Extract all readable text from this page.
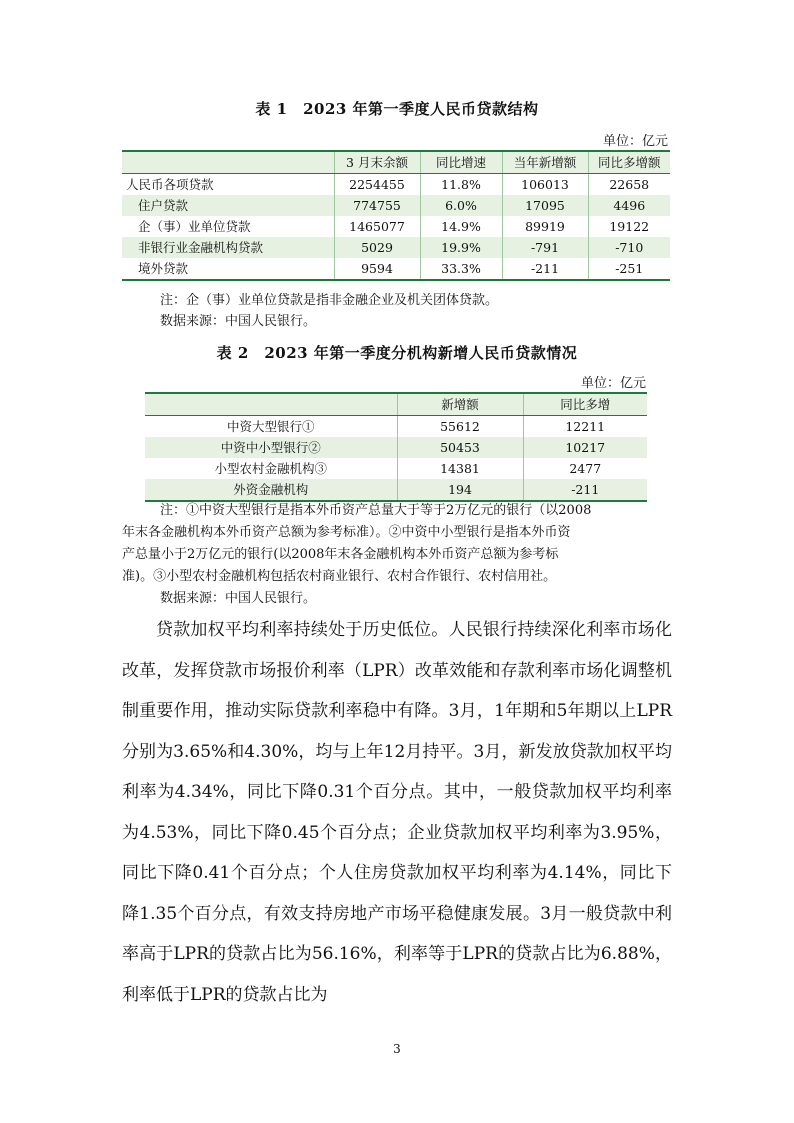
表 1　2023 年第一季度人民币贷款结构
单位：亿元
	3 月末余额	同比增速	当年新增额	同比多增额
人民币各项贷款	2254455	11.8%	106013	22658
住户贷款	774755	6.0%	17095	4496
企（事）业单位贷款	1465077	14.9%	89919	19122
非银行业金融机构贷款	5029	19.9%	-791	-710
境外贷款	9594	33.3%	-211	-251
注：企（事）业单位贷款是指非金融企业及机关团体贷款。
数据来源：中国人民银行。
表 2　2023 年第一季度分机构新增人民币贷款情况
单位：亿元
	新增额	同比多增
中资大型银行①	55612	12211
中资中小型银行②	50453	10217
小型农村金融机构③	14381	2477
外资金融机构	194	-211
注：①中资大型银行是指本外币资产总量大于等于2万亿元的银行（以2008
年末各金融机构本外币资产总额为参考标准）。②中资中小型银行是指本外币资
产总量小于2万亿元的银行(以2008年末各金融机构本外币资产总额为参考标
准)。③小型农村金融机构包括农村商业银行、农村合作银行、农村信用社。
数据来源：中国人民银行。

贷款加权平均利率持续处于历史低位。人民银行持续深化利率市场化改革，发挥贷款市场报价利率（LPR）改革效能和存款利率市场化调整机制重要作用，推动实际贷款利率稳中有降。3月，1年期和5年期以上LPR分别为3.65%和4.30%，均与上年12月持平。3月，新发放贷款加权平均利率为4.34%，同比下降0.31个百分点。其中，一般贷款加权平均利率为4.53%，同比下降0.45个百分点；企业贷款加权平均利率为3.95%，同比下降0.41个百分点；个人住房贷款加权平均利率为4.14%，同比下降1.35个百分点，有效支持房地产市场平稳健康发展。3月一般贷款中利率高于LPR的贷款占比为56.16%，利率等于LPR的贷款占比为6.88%，利率低于LPR的贷款占比为

3
